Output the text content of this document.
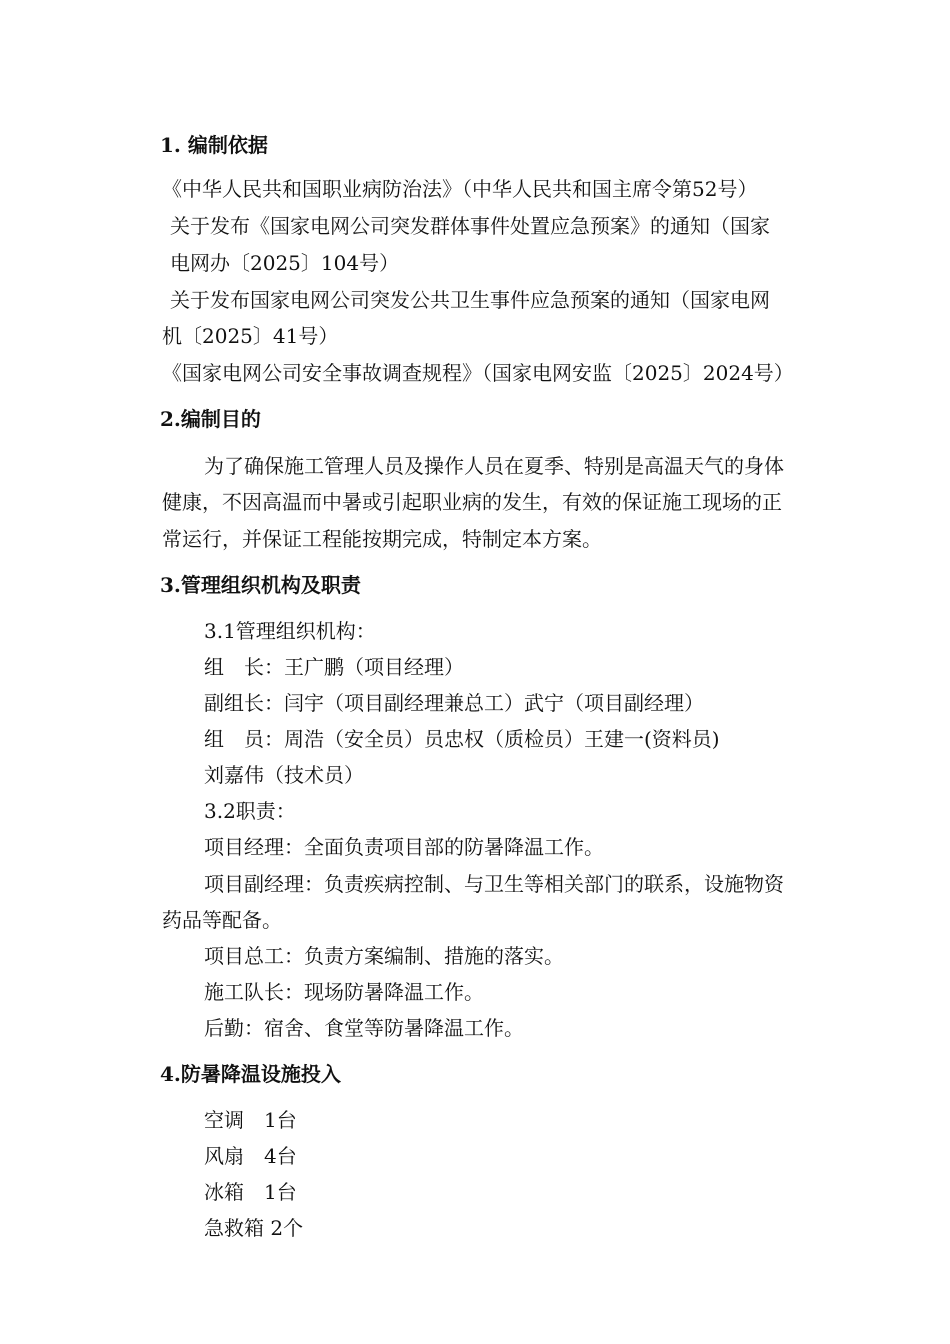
1. 编制依据
《中华人民共和国职业病防治法》（中华人民共和国主席令第52号）
关于发布《国家电网公司突发群体事件处置应急预案》的通知（国家
电网办〔2025〕104号）
关于发布国家电网公司突发公共卫生事件应急预案的通知（国家电网
机〔2025〕41号）
《国家电网公司安全事故调查规程》（国家电网安监〔2025〕2024号）
2.编制目的
为了确保施工管理人员及操作人员在夏季、特别是高温天气的身体
健康，不因高温而中暑或引起职业病的发生，有效的保证施工现场的正
常运行，并保证工程能按期完成，特制定本方案。
3.管理组织机构及职责
3.1管理组织机构：
组　长：王广鹏（项目经理）
副组长：闫宇（项目副经理兼总工）武宁（项目副经理）
组　员：周浩（安全员）员忠权（质检员）王建一(资料员)
刘嘉伟（技术员）
3.2职责：
项目经理：全面负责项目部的防暑降温工作。
项目副经理：负责疾病控制、与卫生等相关部门的联系，设施物资
药品等配备。
项目总工：负责方案编制、措施的落实。
施工队长：现场防暑降温工作。
后勤：宿舍、食堂等防暑降温工作。
4.防暑降温设施投入
空调　1台
风扇　4台
冰箱　1台
急救箱 2个
